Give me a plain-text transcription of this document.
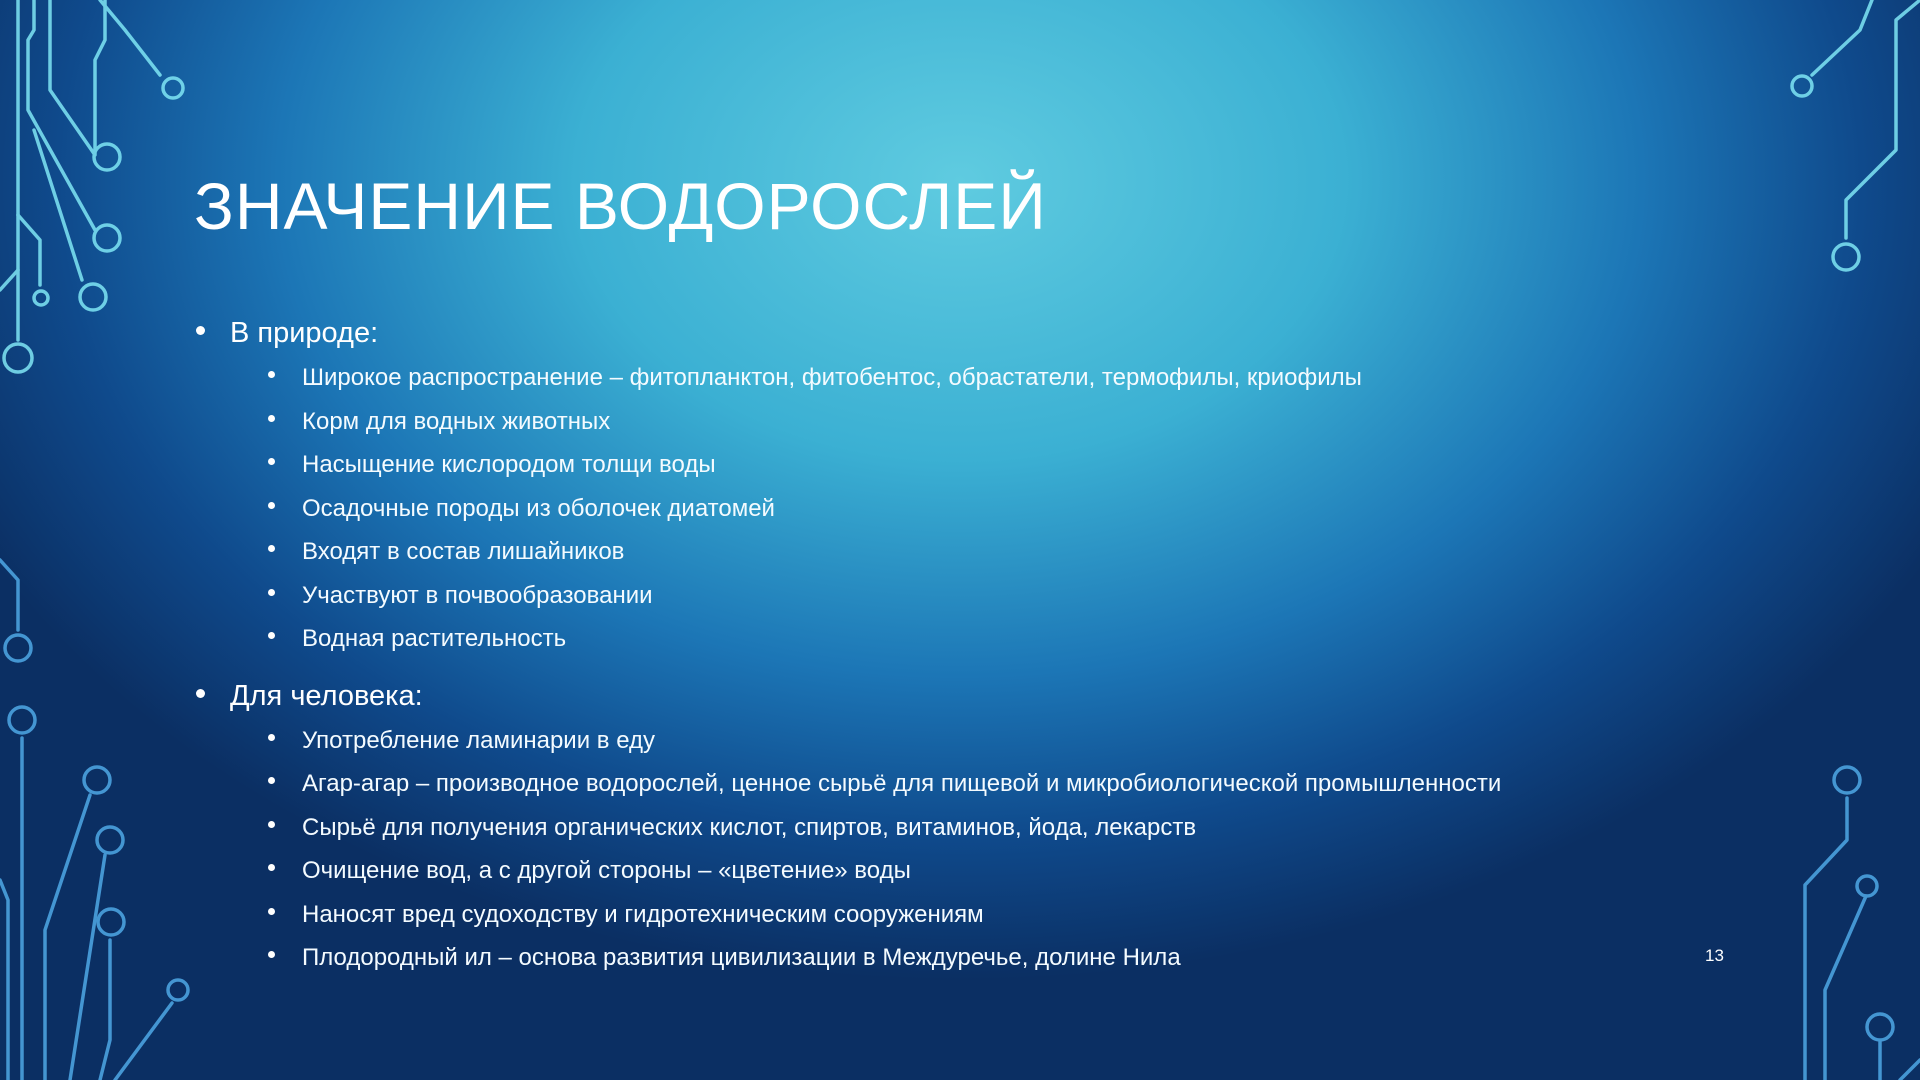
ЗНАЧЕНИЕ ВОДОРОСЛЕЙ
В природе:
Широкое распространение – фитопланктон, фитобентос, обрастатели, термофилы, криофилы
Корм для водных животных
Насыщение кислородом толщи воды
Осадочные породы из оболочек диатомей
Входят в состав лишайников
Участвуют в почвообразовании
Водная растительность
Для человека:
Употребление ламинарии в еду
Агар-агар – производное водорослей, ценное сырьё для пищевой и микробиологической промышленности
Сырьё для получения органических кислот, спиртов, витаминов, йода, лекарств
Очищение вод, а с другой стороны – «цветение» воды
Наносят вред судоходству и гидротехническим сооружениям
Плодородный ил – основа развития цивилизации в Междуречье, долине Нила	13
